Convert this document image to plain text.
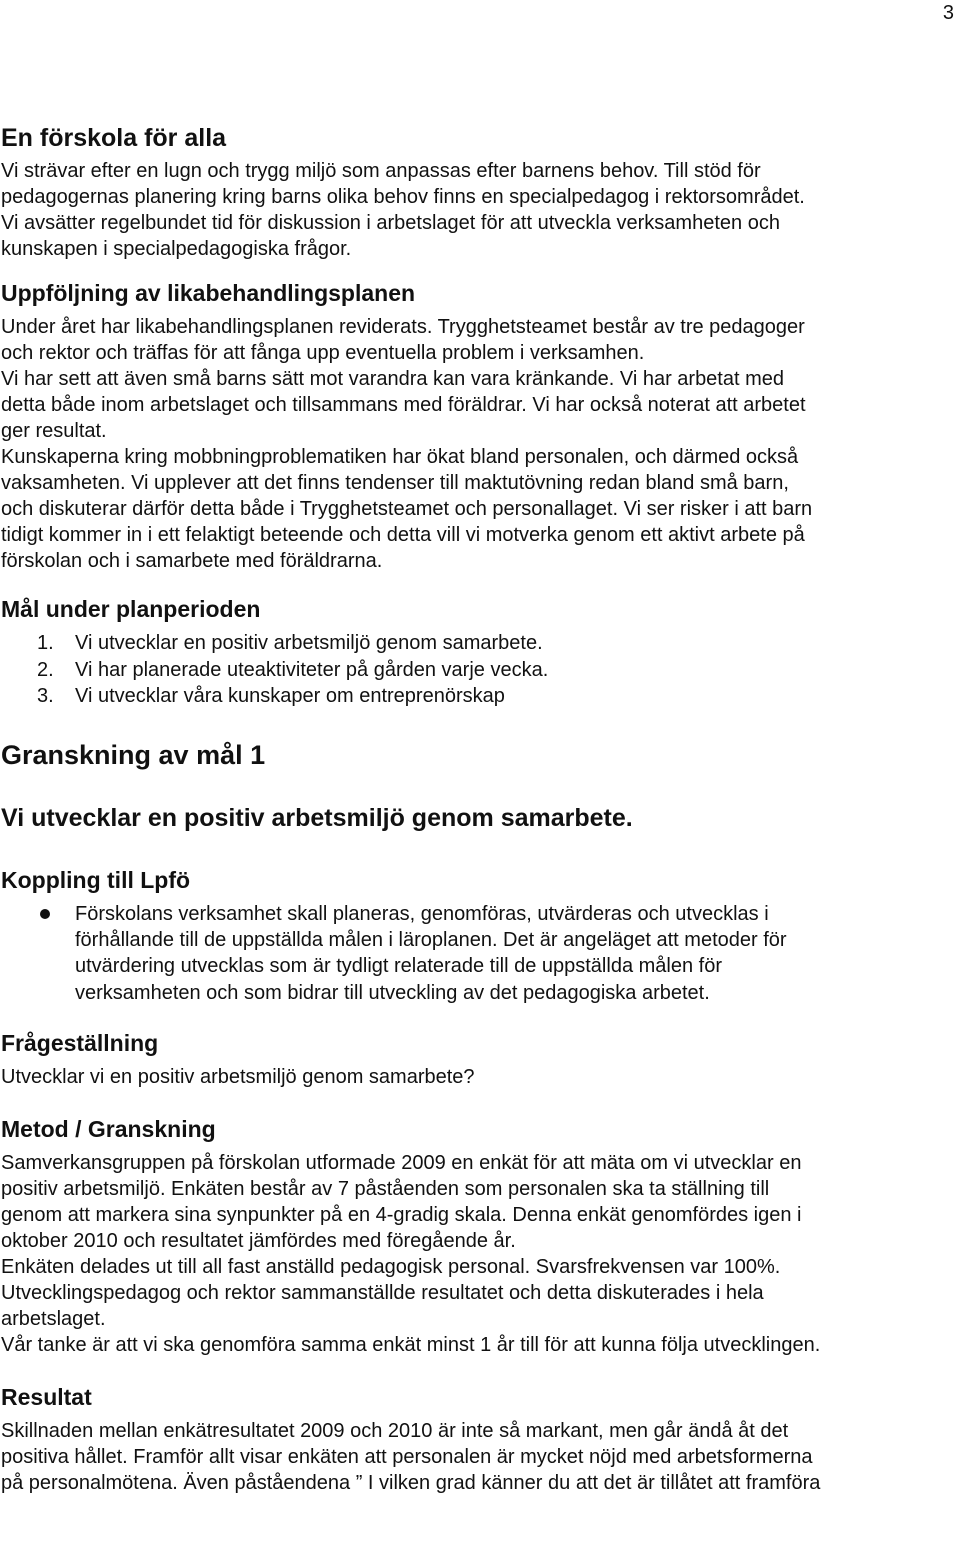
3
En förskola för alla
Vi strävar efter en lugn och trygg miljö som anpassas efter barnens behov. Till stöd för
pedagogernas planering kring barns olika behov finns en specialpedagog i rektorsområdet.
Vi avsätter regelbundet tid för diskussion i arbetslaget för att utveckla verksamheten och
kunskapen i specialpedagogiska frågor.
Uppföljning av likabehandlingsplanen
Under året har likabehandlingsplanen reviderats. Trygghetsteamet består av tre pedagoger
och rektor och träffas för att fånga upp eventuella problem i verksamhen.
Vi har sett att även små barns sätt mot varandra kan vara kränkande. Vi har arbetat med
detta både inom arbetslaget och tillsammans med föräldrar. Vi har också noterat att arbetet
ger resultat.
Kunskaperna kring mobbningproblematiken har ökat bland personalen, och därmed också
vaksamheten. Vi upplever att det finns tendenser till maktutövning redan bland små barn,
och diskuterar därför detta både i Trygghetsteamet och personallaget. Vi ser risker i att barn
tidigt kommer in i ett felaktigt beteende och detta vill vi motverka genom ett aktivt arbete på
förskolan och i samarbete med föräldrarna.
Mål under planperioden
1. Vi utvecklar en positiv arbetsmiljö genom samarbete.
2. Vi har planerade uteaktiviteter på gården varje vecka.
3. Vi utvecklar våra kunskaper om entreprenörskap
Granskning av mål 1
Vi utvecklar en positiv arbetsmiljö genom samarbete.
Koppling till Lpfö
Förskolans verksamhet skall planeras, genomföras, utvärderas och utvecklas i
förhållande till de uppställda målen i läroplanen. Det är angeläget att metoder för
utvärdering utvecklas som är tydligt relaterade till de uppställda målen för
verksamheten och som bidrar till utveckling av det pedagogiska arbetet.
Frågeställning
Utvecklar vi en positiv arbetsmiljö genom samarbete?
Metod / Granskning
Samverkansgruppen på förskolan utformade 2009 en enkät för att mäta om vi utvecklar en
positiv arbetsmiljö. Enkäten består av 7 påståenden som personalen ska ta ställning till
genom att markera sina synpunkter på en 4-gradig skala. Denna enkät genomfördes igen i
oktober 2010 och resultatet jämfördes med föregående år.
Enkäten delades ut till all fast anställd pedagogisk personal. Svarsfrekvensen var 100%.
Utvecklingspedagog och rektor sammanställde resultatet och detta diskuterades i hela
arbetslaget.
Vår tanke är att vi ska genomföra samma enkät minst 1 år till för att kunna följa utvecklingen.
Resultat
Skillnaden mellan enkätresultatet 2009 och 2010 är inte så markant, men går ändå åt det
positiva hållet. Framför allt visar enkäten att personalen är mycket nöjd med arbetsformerna
på personalmötena. Även påståendena ” I vilken grad känner du att det är tillåtet att framföra
